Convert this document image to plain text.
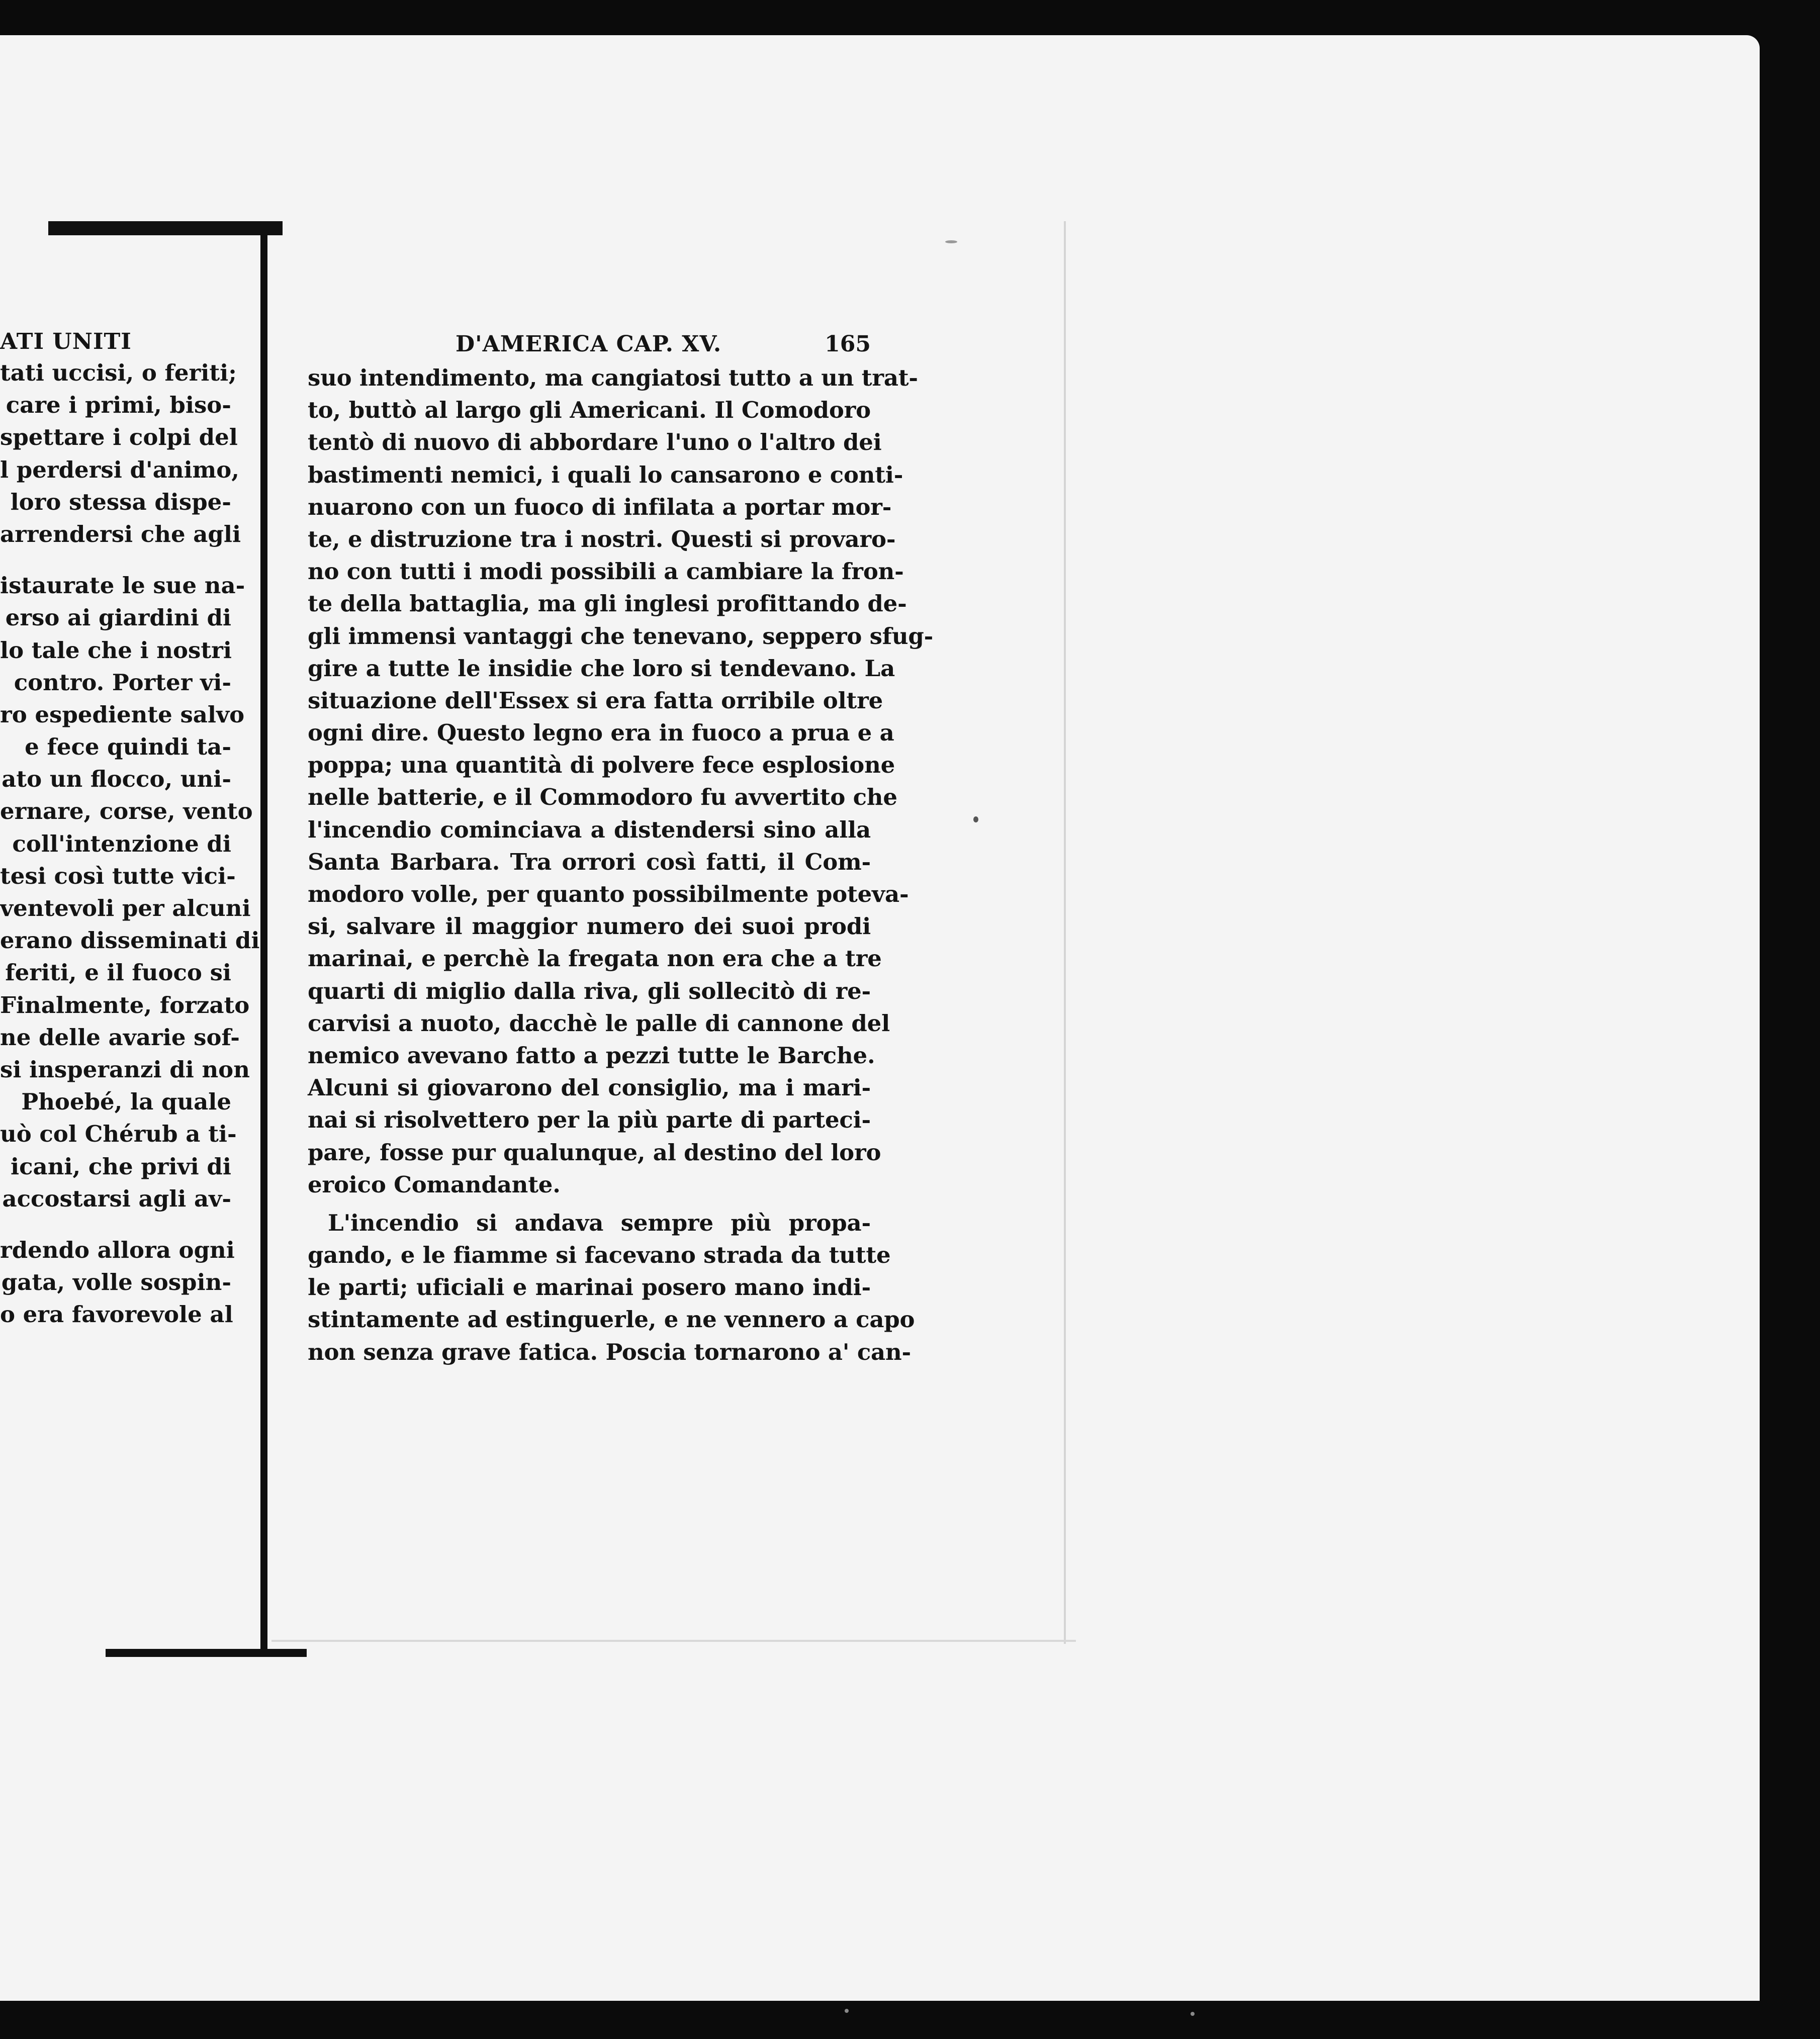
ATI UNITI
tati uccisi, o feriti;
care i primi, biso-
spettare i colpi del
l perdersi d'animo,
loro stessa dispe-
arrendersi che agli
istaurate le sue na-
erso ai giardini di
lo tale che i nostri
contro. Porter vi-
ro espediente salvo
e fece quindi ta-
ato un flocco, uni-
ernare, corse, vento
coll'intenzione di
tesi così tutte vici-
ventevoli per alcuni
erano disseminati di
feriti, e il fuoco si
Finalmente, forzato
ne delle avarie sof-
si insperanzi di non
Phoebé, la quale
uò col Chérub a ti-
icani, che privi di
accostarsi agli av-
rdendo allora ogni
gata, volle sospin-
o era favorevole al
D'AMERICA CAP. XV.	165
suo intendimento, ma cangiatosi tutto a un trat-
to, buttò al largo gli Americani. Il Comodoro
tentò di nuovo di abbordare l'uno o l'altro dei
bastimenti nemici, i quali lo cansarono e conti-
nuarono con un fuoco di infilata a portar mor-
te, e distruzione tra i nostri. Questi si provaro-
no con tutti i modi possibili a cambiare la fron-
te della battaglia, ma gli inglesi profittando de-
gli immensi vantaggi che tenevano, seppero sfug-
gire a tutte le insidie che loro si tendevano. La
situazione dell'Essex si era fatta orribile oltre
ogni dire. Questo legno era in fuoco a prua e a
poppa; una quantità di polvere fece esplosione
nelle batterie, e il Commodoro fu avvertito che
l'incendio cominciava a distendersi sino alla
Santa Barbara. Tra orrori così fatti, il Com-
modoro volle, per quanto possibilmente poteva-
si, salvare il maggior numero dei suoi prodi
marinai, e perchè la fregata non era che a tre
quarti di miglio dalla riva, gli sollecitò di re-
carvisi a nuoto, dacchè le palle di cannone del
nemico avevano fatto a pezzi tutte le Barche.
Alcuni si giovarono del consiglio, ma i mari-
nai si risolvettero per la più parte di parteci-
pare, fosse pur qualunque, al destino del loro
eroico Comandante.
L'incendio si andava sempre più propa-
gando, e le fiamme si facevano strada da tutte
le parti; uficiali e marinai posero mano indi-
stintamente ad estinguerle, e ne vennero a capo
non senza grave fatica. Poscia tornarono a' can-
